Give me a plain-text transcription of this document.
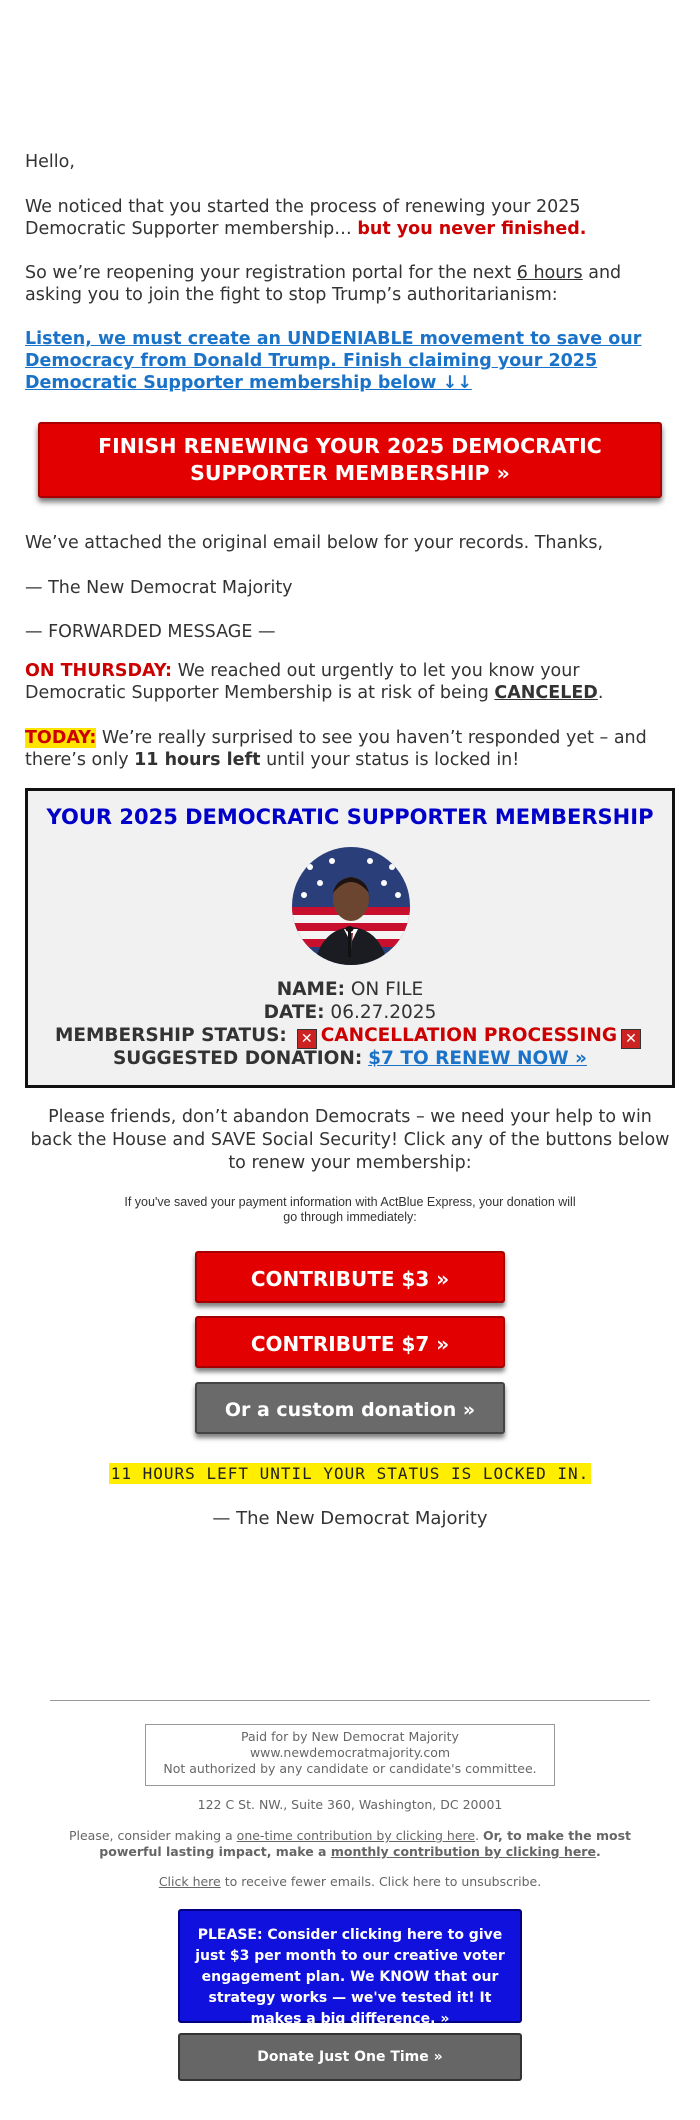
Hello,

We noticed that you started the process of renewing your 2025 Democratic Supporter membership… but you never finished.

So we’re reopening your registration portal for the next 6 hours and asking you to join the fight to stop Trump’s authoritarianism:

Listen, we must create an UNDENIABLE movement to save our Democracy from Donald Trump. Finish claiming your 2025 Democratic Supporter membership below ↓↓

FINISH RENEWING YOUR 2025 DEMOCRATIC SUPPORTER MEMBERSHIP »

We’ve attached the original email below for your records. Thanks,

— The New Democrat Majority

— FORWARDED MESSAGE —

ON THURSDAY: We reached out urgently to let you know your Democratic Supporter Membership is at risk of being CANCELED.

TODAY: We’re really surprised to see you haven’t responded yet – and there’s only 11 hours left until your status is locked in!

YOUR 2025 DEMOCRATIC SUPPORTER MEMBERSHIP
NAME: ON FILE
DATE: 06.27.2025
MEMBERSHIP STATUS: ✕ CANCELLATION PROCESSING ✕
SUGGESTED DONATION: $7 TO RENEW NOW »
Please friends, don’t abandon Democrats – we need your help to win back the House and SAVE Social Security! Click any of the buttons below to renew your membership:
If you've saved your payment information with ActBlue Express, your donation will go through immediately:
CONTRIBUTE $3 »
CONTRIBUTE $7 »
Or a custom donation »
11 HOURS LEFT UNTIL YOUR STATUS IS LOCKED IN.
— The New Democrat Majority
Paid for by New Democrat Majority
www.newdemocratmajority.com
Not authorized by any candidate or candidate's committee.
122 C St. NW., Suite 360, Washington, DC 20001
Please, consider making a one-time contribution by clicking here. Or, to make the most powerful lasting impact, make a monthly contribution by clicking here.
Click here to receive fewer emails. Click here to unsubscribe.
PLEASE: Consider clicking here to give just $3 per month to our creative voter engagement plan. We KNOW that our strategy works — we've tested it! It makes a big difference. »
Donate Just One Time »
